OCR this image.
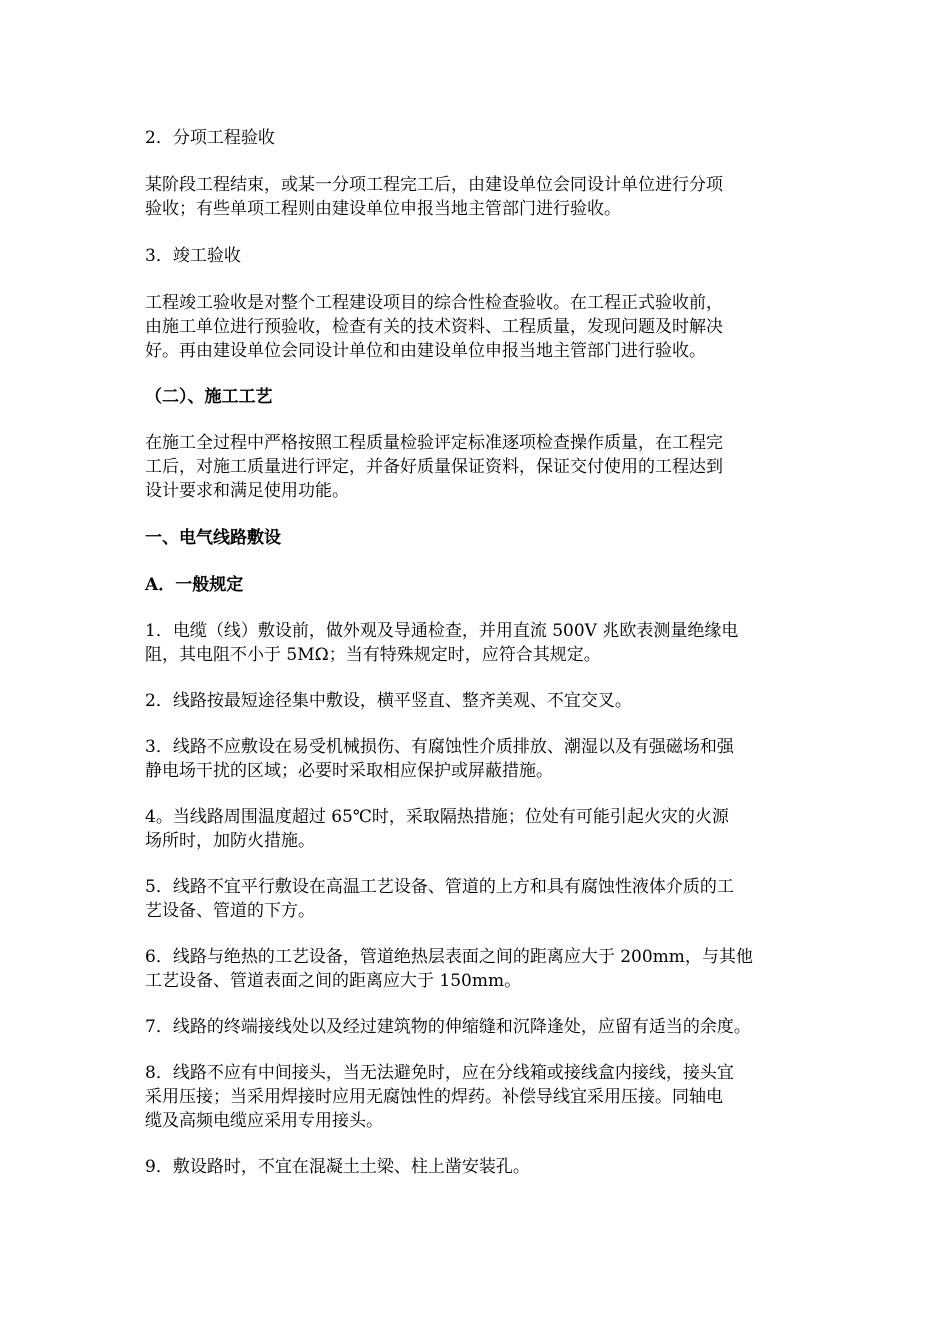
2．分项工程验收

某阶段工程结束，或某一分项工程完工后，由建设单位会同设计单位进行分项
验收；有些单项工程则由建设单位申报当地主管部门进行验收。

3．竣工验收

工程竣工验收是对整个工程建设项目的综合性检查验收。在工程正式验收前，
由施工单位进行预验收，检查有关的技术资料、工程质量，发现问题及时解决
好。再由建设单位会同设计单位和由建设单位申报当地主管部门进行验收。

（二）、施工工艺

在施工全过程中严格按照工程质量检验评定标准逐项检查操作质量，在工程完
工后，对施工质量进行评定，并备好质量保证资料，保证交付使用的工程达到
设计要求和满足使用功能。

一、电气线路敷设

A．一般规定

1．电缆（线）敷设前，做外观及导通检查，并用直流 500V 兆欧表测量绝缘电
阻，其电阻不小于 5MΩ；当有特殊规定时，应符合其规定。

2．线路按最短途径集中敷设，横平竖直、整齐美观、不宜交叉。

3．线路不应敷设在易受机械损伤、有腐蚀性介质排放、潮湿以及有强磁场和强
静电场干扰的区域；必要时采取相应保护或屏蔽措施。

4。当线路周围温度超过 65℃时，采取隔热措施；位处有可能引起火灾的火源
场所时，加防火措施。

5．线路不宜平行敷设在高温工艺设备、管道的上方和具有腐蚀性液体介质的工
艺设备、管道的下方。

6．线路与绝热的工艺设备，管道绝热层表面之间的距离应大于 200mm，与其他
工艺设备、管道表面之间的距离应大于 150mm。

7．线路的终端接线处以及经过建筑物的伸缩缝和沉降逢处，应留有适当的余度。

8．线路不应有中间接头，当无法避免时，应在分线箱或接线盒内接线，接头宜
采用压接；当采用焊接时应用无腐蚀性的焊药。补偿导线宜采用压接。同轴电
缆及高频电缆应采用专用接头。

9．敷设路时，不宜在混凝土土梁、柱上凿安装孔。
